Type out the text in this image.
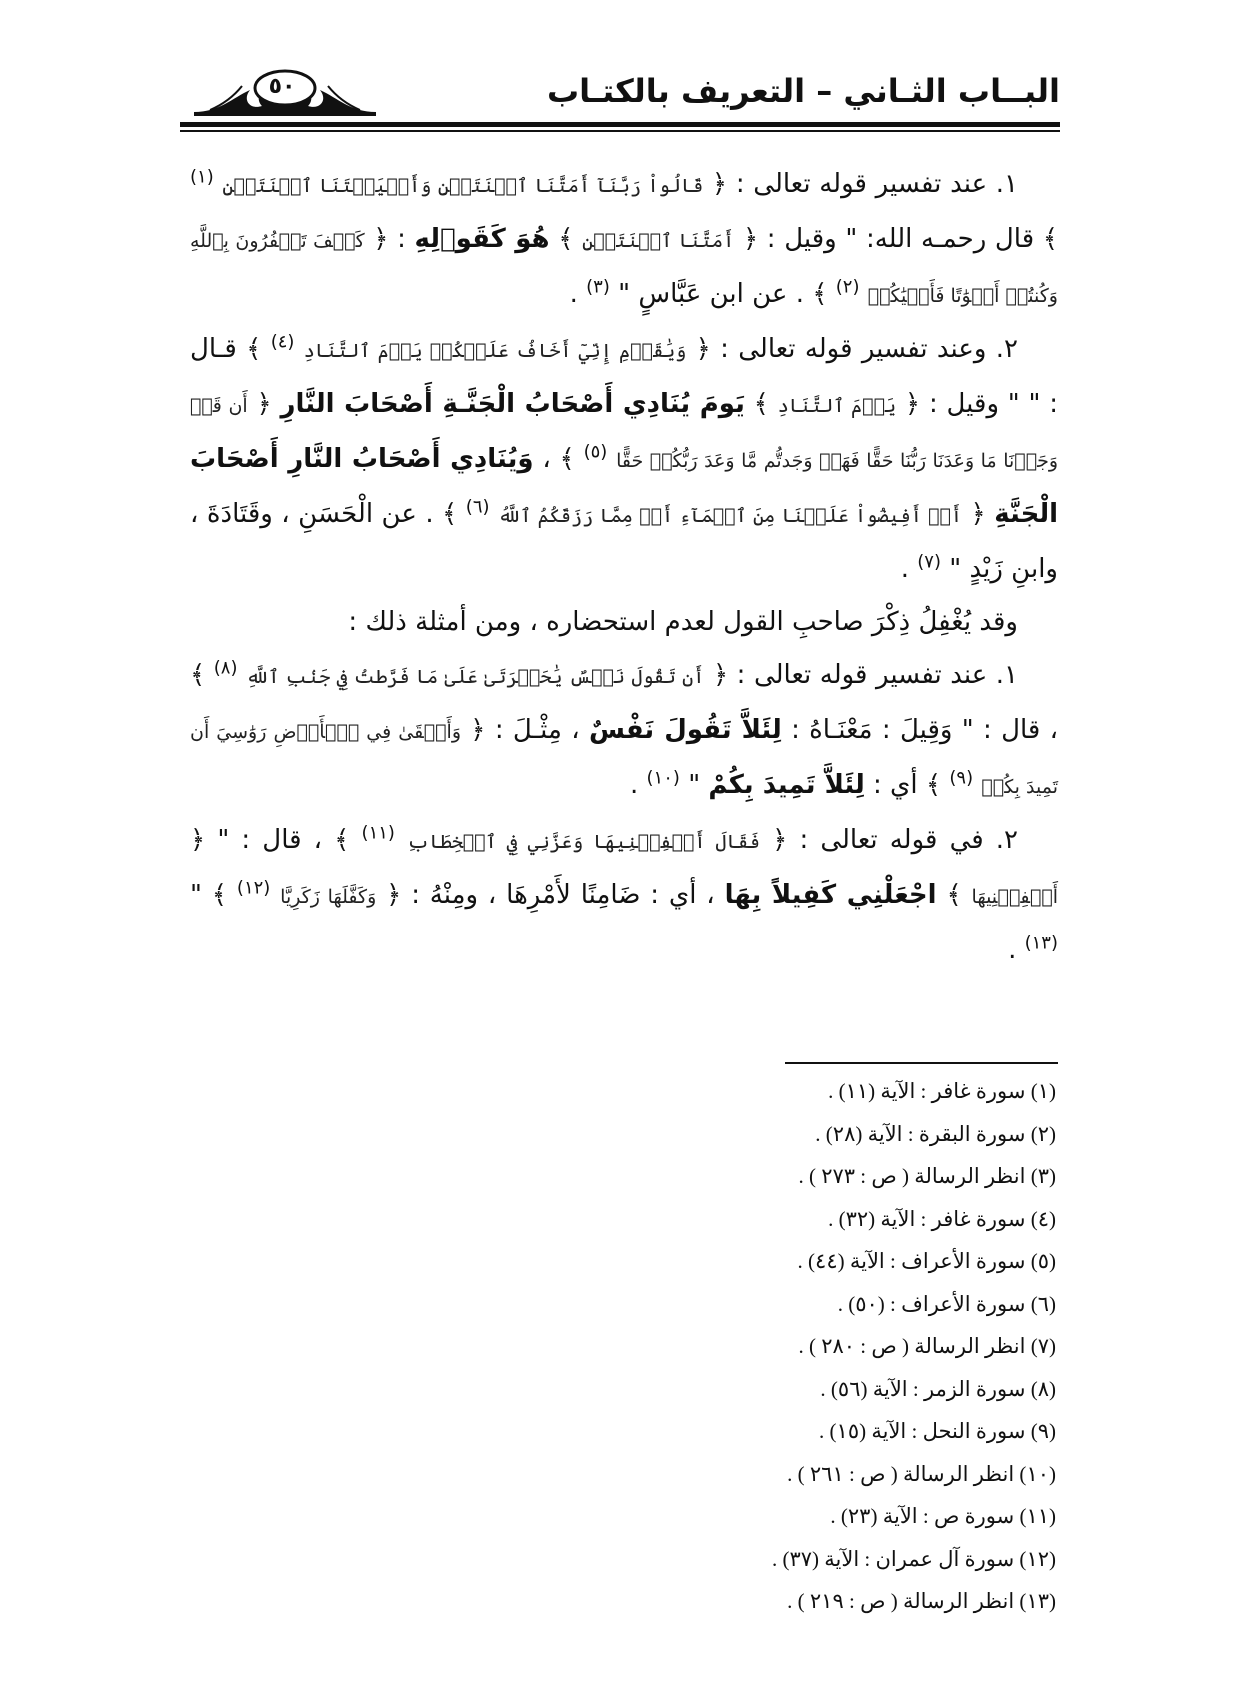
٥٠	البــاب الثـاني – التعريف بالكتـاب

١. عند تفسير قوله تعالى : ﴿ قَالُواْ رَبَّنَآ أَمَتَّنَا ٱثۡنَتَيۡنِ وَأَحۡيَيۡتَنَا ٱثۡنَتَيۡنِ $^{(١)}$ ﴾ قال رحمـه الله: " وقيل : ﴿ أَمَتَّنَا ٱثۡنَتَيۡنِ ﴾ هُوَ كَقَوۡلِهِ : ﴿ كَيۡفَ تَكۡفُرُونَ بِٱللَّهِ وَكُنتُمۡ أَمۡوَٰتًا فَأَحۡيَٰكُمۡ $^{(٢)}$ ﴾ . عن ابن عَبَّاسٍ " $^{(٣)}$ .

٢. وعند تفسير قوله تعالى : ﴿ وَيَٰقَوۡمِ إِنِّيٓ أَخَافُ عَلَيۡكُمۡ يَوۡمَ ٱلتَّنَادِ $^{(٤)}$ ﴾ قـال : " " وقيل : ﴿ يَوۡمَ ٱلتَّنَادِ ﴾ يَومَ يُنَادِي أَصْحَابُ الْجَنَّـةِ أَصْحَابَ النَّارِ ﴿ أَن قَدۡ وَجَدۡنَا مَا وَعَدَنَا رَبُّنَا حَقًّا فَهَلۡ وَجَدتُّم مَّا وَعَدَ رَبُّكُمۡ حَقًّا $^{(٥)}$ ﴾ ، وَيُنَادِي أَصْحَابُ النَّارِ أَصْحَابَ الْجَنَّةِ ﴿ أَنۡ أَفِيضُواْ عَلَيۡنَا مِنَ ٱلۡمَآءِ أَوۡ مِمَّا رَزَقَكُمُ ٱللَّهُ $^{(٦)}$ ﴾ . عن الْحَسَنِ ، وقَتَادَةَ ، وابنِ زَيْدٍ " $^{(٧)}$ .

وقد يُغْفِلُ ذِكْرَ صاحبِ القول لعدم استحضاره ، ومن أمثلة ذلك :

١. عند تفسير قوله تعالى : ﴿ أَن تَقُولَ نَفۡسٌ يَٰحَسۡرَتَىٰ عَلَىٰ مَا فَرَّطتُ فِي جَنۢبِ ٱللَّهِ $^{(٨)}$ ﴾ ، قال : " وَقِيلَ : مَعْنَـاهُ : لِئَلاَّ تَقُولَ نَفْسٌ ، مِثْـلَ : ﴿ وَأَلۡقَىٰ فِي ٱلۡأَرۡضِ رَوَٰسِيَ أَن تَمِيدَ بِكُمۡ $^{(٩)}$ ﴾ أي : لِئَلاَّ تَمِيدَ بِكُمْ " $^{(١٠)}$ .

٢. في قوله تعالى : ﴿ فَقَالَ أَكۡفِلۡنِيهَا وَعَزَّنِي فِي ٱلۡخِطَابِ $^{(١١)}$ ﴾ ، قال : " ﴿ أَكۡفِلۡنِيهَا ﴾ اجْعَلْنِي كَفِيلاً بِهَا ، أي : ضَامِنًا لأَمْرِهَا ، ومِنْهُ : ﴿ وَكَفَّلَهَا زَكَرِيَّا $^{(١٢)}$ ﴾ " $^{(١٣)}$ .

(١) سورة غافر : الآية (١١) .
(٢) سورة البقرة : الآية (٢٨) .
(٣) انظر الرسالة ( ص : ٢٧٣ ) .
(٤) سورة غافر : الآية (٣٢) .
(٥) سورة الأعراف : الآية (٤٤) .
(٦) سورة الأعراف : (٥٠) .
(٧) انظر الرسالة ( ص : ٢٨٠ ) .
(٨) سورة الزمر : الآية (٥٦) .
(٩) سورة النحل : الآية (١٥) .
(١٠) انظر الرسالة ( ص : ٢٦١ ) .
(١١) سورة ص : الآية (٢٣) .
(١٢) سورة آل عمران : الآية (٣٧) .
(١٣) انظر الرسالة ( ص : ٢١٩ ) .
